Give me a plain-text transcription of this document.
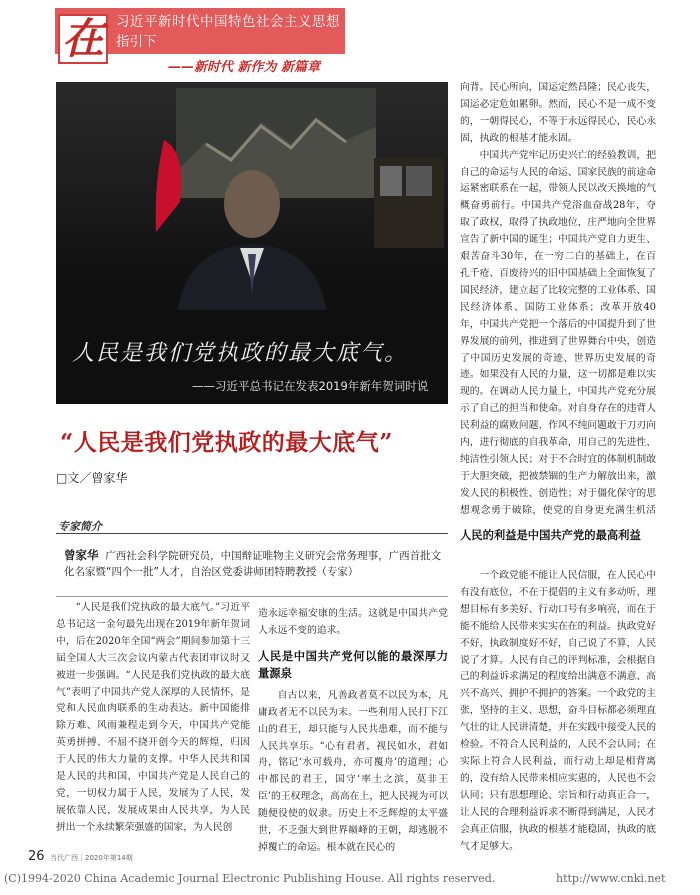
在 习近平新时代中国特色社会主义思想
指引下
——新时代 新作为 新篇章
人民是我们党执政的最大底气。
——习近平总书记在发表2019年新年贺词时说
“人民是我们党执政的最大底气”
□文／曾家华
专家简介
曾家华 广西社会科学院研究员，中国辩证唯物主义研究会常务理事，广西首批文化名家暨“四个一批”人才，自治区党委讲师团特聘教授（专家）

“人民是我们党执政的最大底气。”习近平总书记这一金句最先出现在2019年新年贺词中，后在2020年全国“两会”期间参加第十三届全国人大三次会议内蒙古代表团审议时又被进一步强调。“人民是我们党执政的最大底气”表明了中国共产党人深厚的人民情怀，是党和人民血肉联系的生动表达。新中国能排除万难、风雨兼程走到今天，中国共产党能英勇拼搏、不屈不挠开创今天的辉煌，归因于人民的伟大力量的支撑。中华人民共和国是人民的共和国，中国共产党是人民自己的党，一切权力属于人民，发展为了人民，发展依靠人民，发展成果由人民共享，为人民拼出一个永续繁荣强盛的国家，为人民创

造永远幸福安康的生活。这就是中国共产党人永远不变的追求。
人民是中国共产党何以能的最深厚力量源泉

自古以来，凡善政者莫不以民为本，凡庸政者无不以民为末。一些利用人民打下江山的君王，却只能与人民共患难，而不能与人民共享乐。“心有君者，视民如水，君如舟，铭记‘水可载舟，亦可覆舟’的道理；心中都民的君王，国守‘率土之滨，莫非王臣’的王权理念，高高在上，把人民视为可以随便役使的奴隶。历史上不乏辉煌的太平盛世，不乏强大到世界巅峰的王朝，却逃脱不掉覆亡的命运。根本就在民心的

向背。民心所向，国运定然昌隆；民心丧失，国运必定危如累卵。然而，民心不是一成不变的，一朝得民心，不等于永远得民心，民心永固，执政的根基才能永固。

中国共产党牢记历史兴亡的经验教训，把自己的命运与人民的命运、国家民族的前途命运紧密联系在一起，带领人民以改天换地的气概奋勇前行。中国共产党浴血奋战28年，夺取了政权，取得了执政地位，庄严地向全世界宣告了新中国的诞生；中国共产党自力更生、艰苦奋斗30年，在一穷二白的基础上，在百孔千疮、百废待兴的旧中国基础上全面恢复了国民经济，建立起了比较完整的工业体系、国民经济体系、国防工业体系；改革开放40年，中国共产党把一个落后的中国提升到了世界发展的前列，推进到了世界舞台中央，创造了中国历史发展的奇迹、世界历史发展的奇迹。如果没有人民的力量，这一切都是难以实现的。在调动人民力量上，中国共产党充分展示了自己的担当和使命。对自身存在的违背人民利益的腐败问题、作风不纯问题敢于刀刃向内，进行彻底的自我革命，用自己的先进性、纯洁性引领人民；对于不合时宜的体制机制敢于大胆突破，把被禁锢的生产力解放出来，激发人民的积极性、创造性；对于僵化保守的思想观念勇于破除，使党的自身更充满生机活

人民的利益是中国共产党的最高利益

一个政党能不能让人民信服，在人民心中有没有底位，不在于提倡的主义有多动听、理想目标有多美好、行动口号有多响亮，而在于能不能给人民带来实实在在的利益。执政党好不好，执政制度好不好，自己说了不算，人民说了才算。人民有自己的评判标准，会根据自己的利益诉求满足的程度给出满意不满意、高兴不高兴、拥护不拥护的答案。一个政党的主张，坚持的主义、思想，奋斗目标都必须理直气壮的让人民讲清楚，并在实践中接受人民的检验。不符合人民利益的，人民不会认同；在实际上符合人民利益，而行动上却是相背离的，没有给人民带来相应实惠的，人民也不会认同；只有思想理论、宗旨和行动真正合一，让人民的合理利益诉求不断得到满足，人民才会真正信服，执政的根基才能稳固，执政的底气才足够大。

26 当代广西｜2020年第14期
(C)1994-2020 China Academic Journal Electronic Publishing House. All rights reserved.	http://www.cnki.net
